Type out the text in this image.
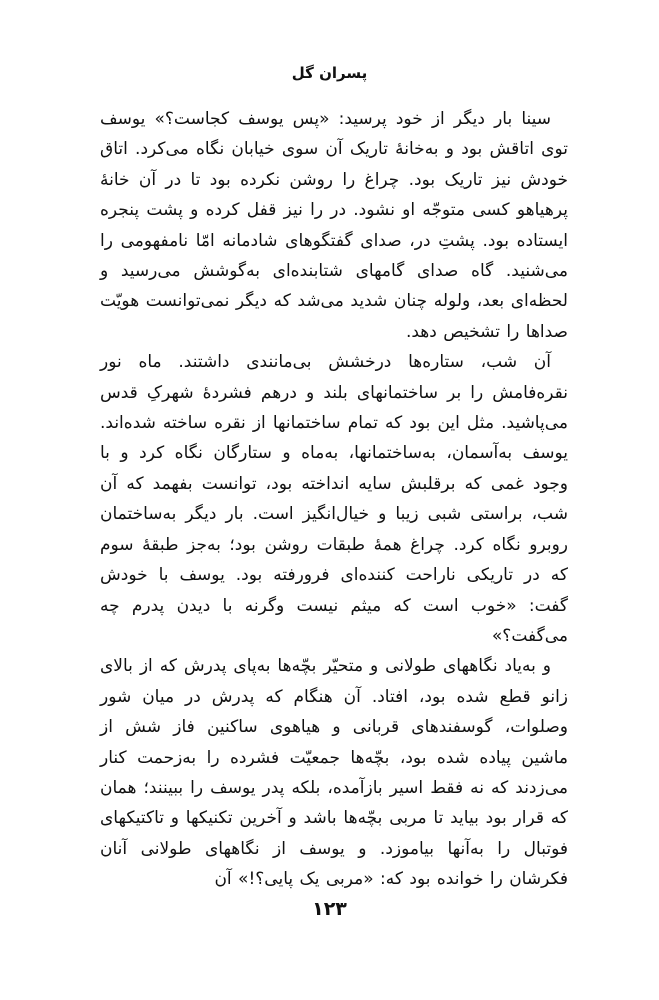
پسران گل

سینا بار دیگر از خود پرسید: «پس یوسف کجاست؟» یوسف توی اتاقش بود و به‌خانهٔ تاریک آن سوی خیابان نگاه می‌کرد. اتاق خودش نیز تاریک بود. چراغ را روشن نکرده بود تا در آن خانهٔ پرهیاهو کسی متوجّه او نشود. در را نیز قفل کرده و پشت پنجره ایستاده بود. پشتِ در، صدای گفتگوهای شادمانه امّا نامفهومی را می‌شنید. گاه صدای گامهای شتابنده‌ای به‌گوشش می‌رسید و لحظه‌ای بعد، ولوله چنان شدید می‌شد که دیگر نمی‌توانست هویّت صداها را تشخیص دهد.

آن شب، ستاره‌ها درخشش بی‌مانندی داشتند. ماه نور نقره‌فامش را بر ساختمانهای بلند و درهم فشردهٔ شهرکِ قدس می‌پاشید. مثل این بود که تمام ساختمانها از نقره ساخته شده‌اند. یوسف به‌آسمان، به‌ساختمانها، به‌ماه و ستارگان نگاه کرد و با وجود غمی که برقلبش سایه انداخته بود، توانست بفهمد که آن شب، براستی شبی زیبا و خیال‌انگیز است. بار دیگر به‌ساختمان روبرو نگاه کرد. چراغ همهٔ طبقات روشن بود؛ به‌جز طبقهٔ سوم که در تاریکی ناراحت کننده‌ای فرورفته بود. یوسف با خودش گفت: «خوب است که میثم نیست وگرنه با دیدن پدرم چه می‌گفت؟»

و به‌یاد نگاههای طولانی و متحیّر بچّه‌ها به‌پای پدرش که از بالای زانو قطع شده بود، افتاد. آن هنگام که پدرش در میان شور وصلوات، گوسفندهای قربانی و هیاهوی ساکنین فاز شش از ماشین پیاده شده بود، بچّه‌ها جمعیّت فشرده را به‌زحمت کنار می‌زدند که نه فقط اسیر بازآمده، بلکه پدر یوسف را ببینند؛ همان که قرار بود بیاید تا مربی بچّه‌ها باشد و آخرین تکنیکها و تاکتیکهای فوتبال را به‌آنها بیاموزد. و یوسف از نگاههای طولانی آنان فکرشان را خوانده بود که: «مربی یک پایی؟!» آن

۱۲۳
